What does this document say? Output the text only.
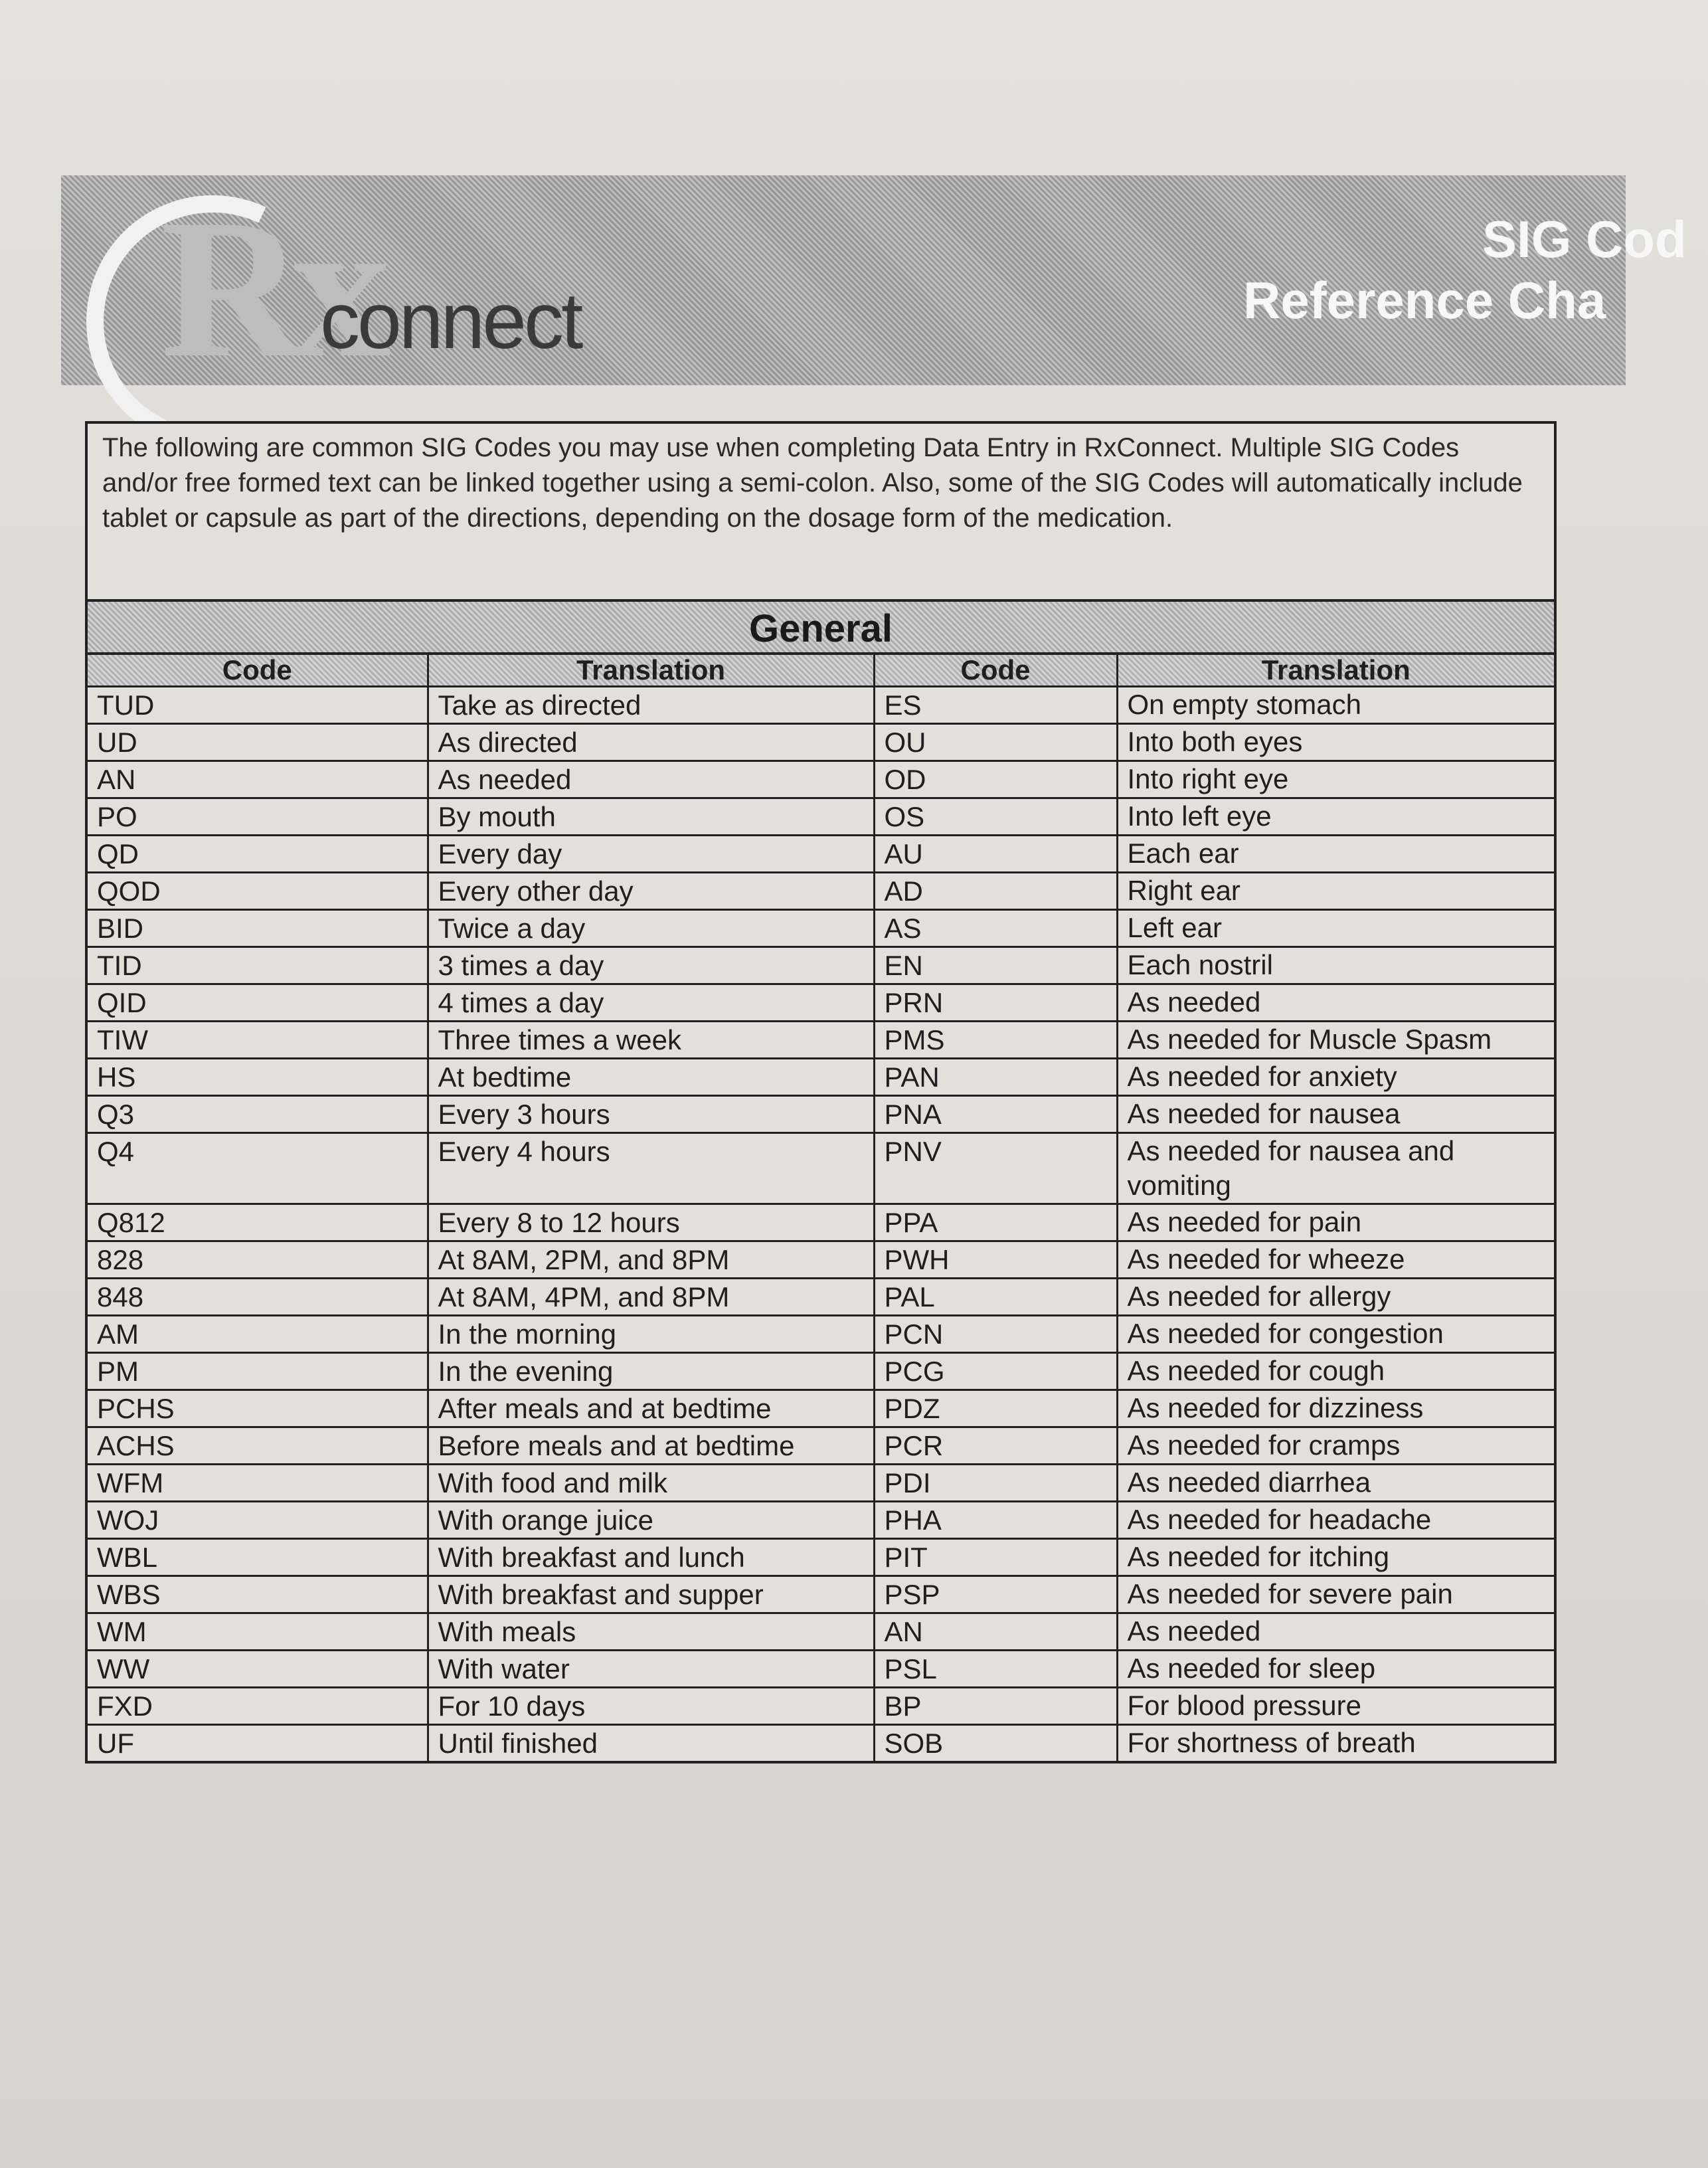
Rx
connect
SIG Cod
Reference Cha
The following are common SIG Codes you may use when completing Data Entry in RxConnect. Multiple SIG Codes and/or free formed text can be linked together using a semi-colon. Also, some of the SIG Codes will automatically include tablet or capsule as part of the directions, depending on the dosage form of the medication.
General
Code	Translation	Code	Translation
TUD	Take as directed	ES	On empty stomach
UD	As directed	OU	Into both eyes
AN	As needed	OD	Into right eye
PO	By mouth	OS	Into left eye
QD	Every day	AU	Each ear
QOD	Every other day	AD	Right ear
BID	Twice a day	AS	Left ear
TID	3 times a day	EN	Each nostril
QID	4 times a day	PRN	As needed
TIW	Three times a week	PMS	As needed for Muscle Spasm
HS	At bedtime	PAN	As needed for anxiety
Q3	Every 3 hours	PNA	As needed for nausea
Q4	Every 4 hours	PNV	As needed for nausea and vomiting
Q812	Every 8 to 12 hours	PPA	As needed for pain
828	At 8AM, 2PM, and 8PM	PWH	As needed for wheeze
848	At 8AM, 4PM, and 8PM	PAL	As needed for allergy
AM	In the morning	PCN	As needed for congestion
PM	In the evening	PCG	As needed for cough
PCHS	After meals and at bedtime	PDZ	As needed for dizziness
ACHS	Before meals and at bedtime	PCR	As needed for cramps
WFM	With food and milk	PDI	As needed diarrhea
WOJ	With orange juice	PHA	As needed for headache
WBL	With breakfast and lunch	PIT	As needed for itching
WBS	With breakfast and supper	PSP	As needed for severe pain
WM	With meals	AN	As needed
WW	With water	PSL	As needed for sleep
FXD	For 10 days	BP	For blood pressure
UF	Until finished	SOB	For shortness of breath
